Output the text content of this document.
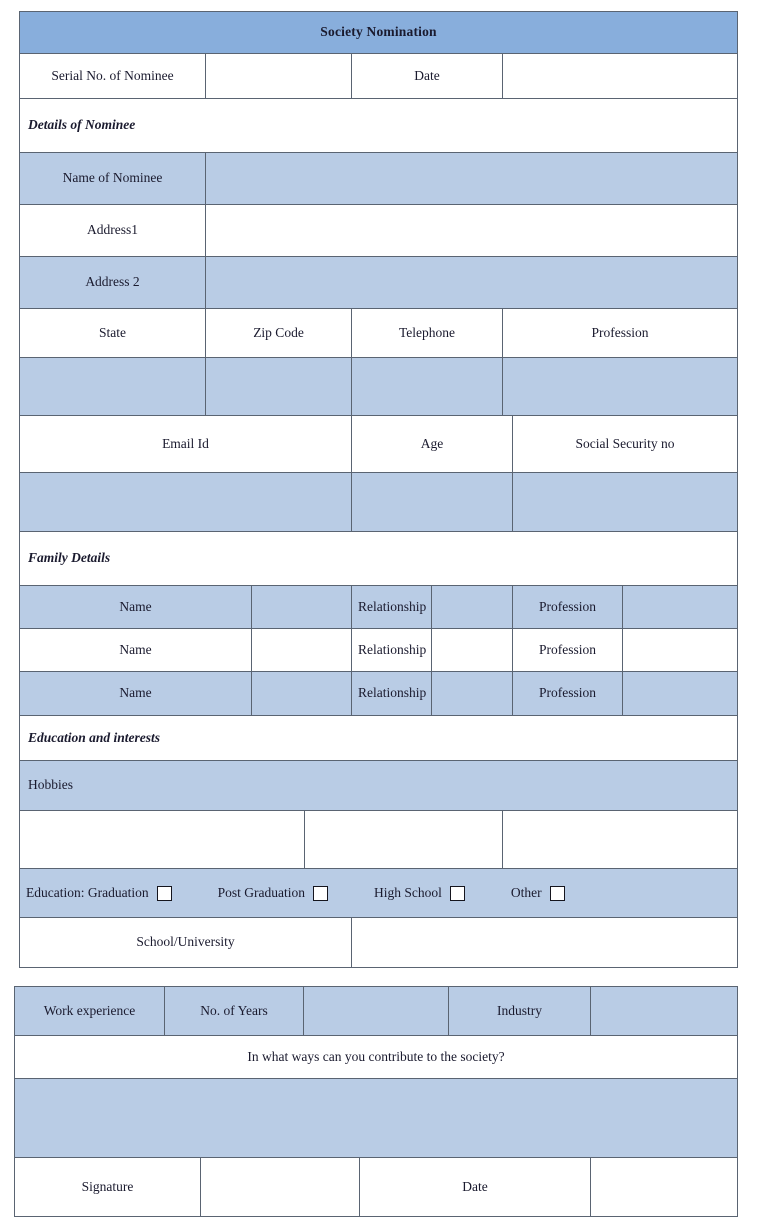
Society Nomination								
Serial No. of Nominee				Date				
Details of Nominee								
Name of Nominee								
Address1								
Address 2								
State	Zip Code			Telephone		Profession		

Email Id				Age			Social Security no	

Family Details								
Name				Relationship			Profession	
Name				Relationship			Profession	
Name				Relationship			Profession	
Education and interests								
Hobbies								

Education: Graduation Post Graduation High School Other								

School/University								
Work experience	No. of Years				Industry	
In what ways can you contribute to the society?						

Signature				Date		
